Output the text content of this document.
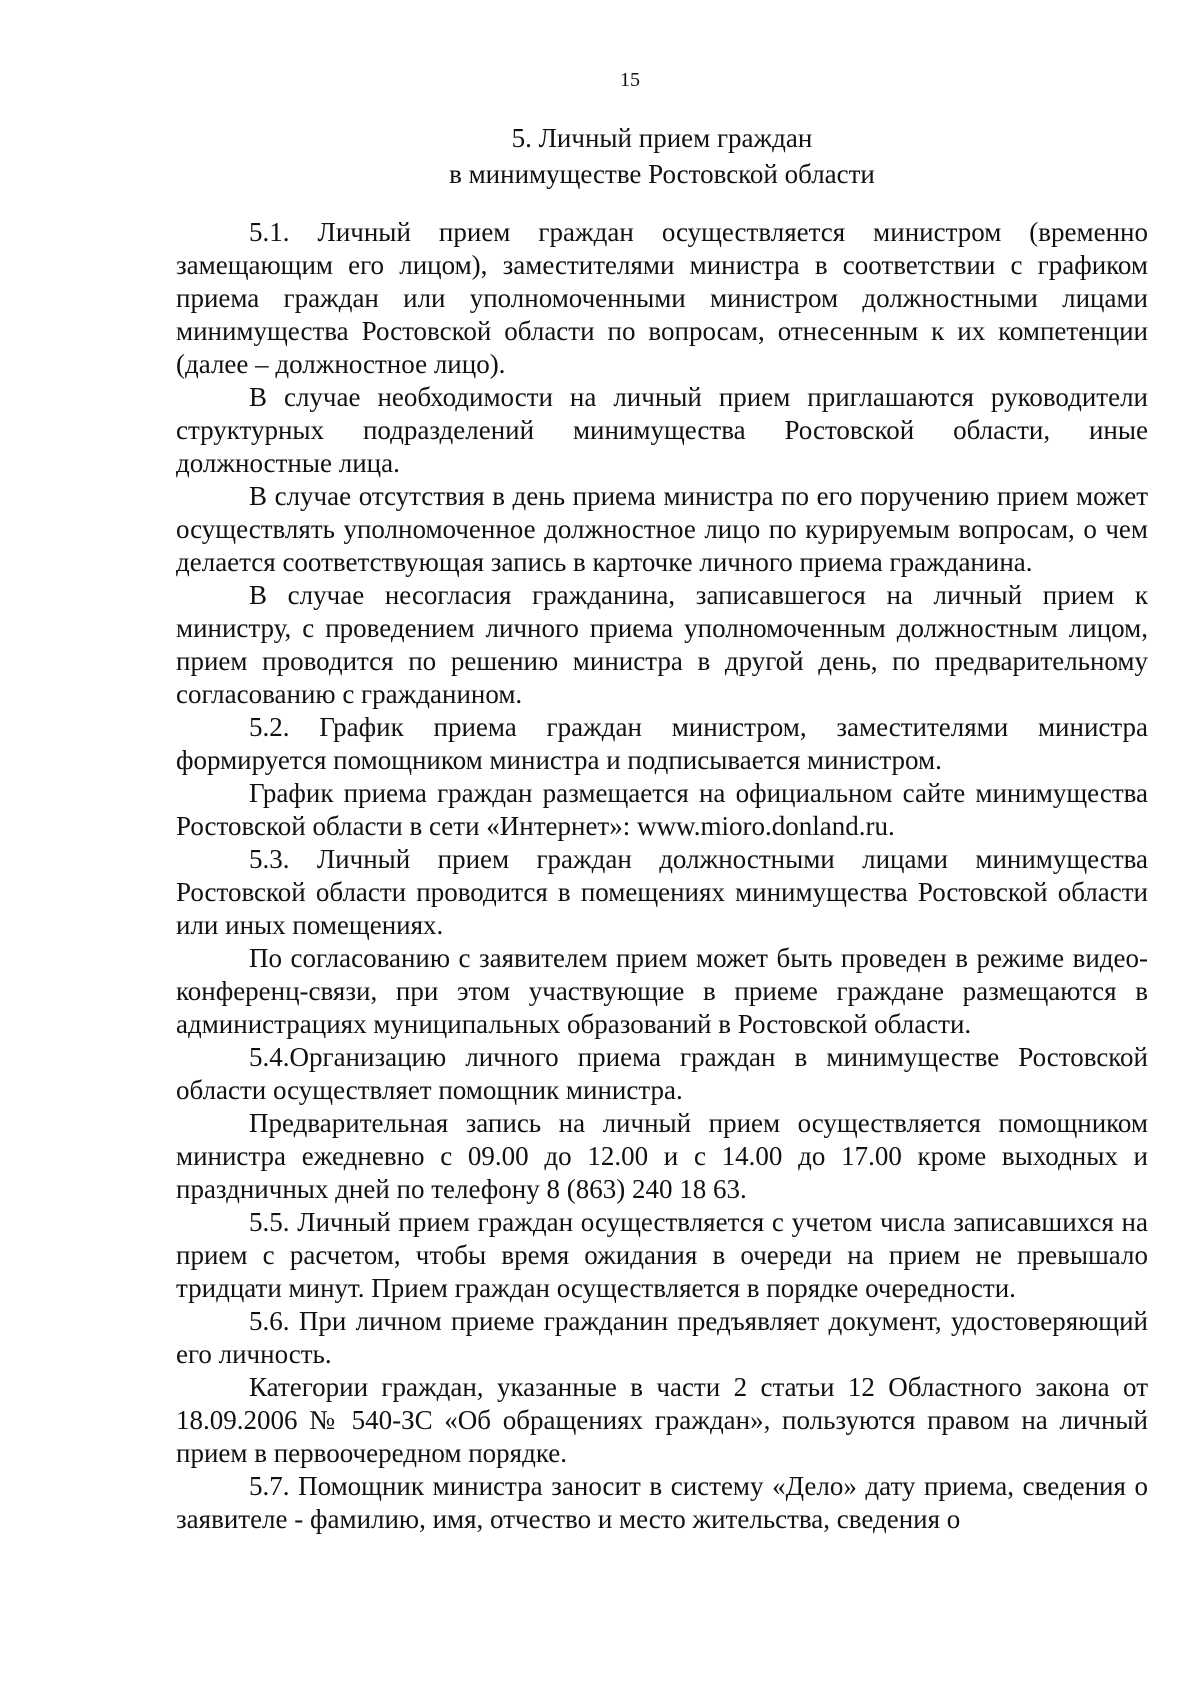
15
5. Личный прием граждан
в минимуществе Ростовской области

5.1. Личный прием граждан осуществляется министром (временно замещающим его лицом), заместителями министра в соответствии с графиком приема граждан или уполномоченными министром должностными лицами минимущества Ростовской области по вопросам, отнесенным к их компетенции (далее – должностное лицо).

В случае необходимости на личный прием приглашаются руководители структурных подразделений минимущества Ростовской области, иные должностные лица.

В случае отсутствия в день приема министра по его поручению прием может осуществлять уполномоченное должностное лицо по курируемым вопросам, о чем делается соответствующая запись в карточке личного приема гражданина.

В случае несогласия гражданина, записавшегося на личный прием к министру, с проведением личного приема уполномоченным должностным лицом, прием проводится по решению министра в другой день, по предварительному согласованию с гражданином.

5.2. График приема граждан министром, заместителями министра формируется помощником министра и подписывается министром.

График приема граждан размещается на официальном сайте минимущества Ростовской области в сети «Интернет»: www.mioro.donland.ru.

5.3. Личный прием граждан должностными лицами минимущества Ростовской области проводится в помещениях минимущества Ростовской области или иных помещениях.

По согласованию с заявителем прием может быть проведен в режиме видео-конференц-связи, при этом участвующие в приеме граждане размещаются в администрациях муниципальных образований в Ростовской области.

5.4.Организацию личного приема граждан в минимуществе Ростовской области осуществляет помощник министра.

Предварительная запись на личный прием осуществляется помощником министра ежедневно с 09.00 до 12.00 и с 14.00 до 17.00 кроме выходных и праздничных дней по телефону 8 (863) 240 18 63.

5.5. Личный прием граждан осуществляется с учетом числа записавшихся на прием с расчетом, чтобы время ожидания в очереди на прием не превышало тридцати минут. Прием граждан осуществляется в порядке очередности.

5.6. При личном приеме гражданин предъявляет документ, удостоверяющий его личность.

Категории граждан, указанные в части 2 статьи 12 Областного закона от 18.09.2006 № 540-ЗС «Об обращениях граждан», пользуются правом на личный прием в первоочередном порядке.

5.7. Помощник министра заносит в систему «Дело» дату приема, сведения о заявителе - фамилию, имя, отчество и место жительства, сведения о
